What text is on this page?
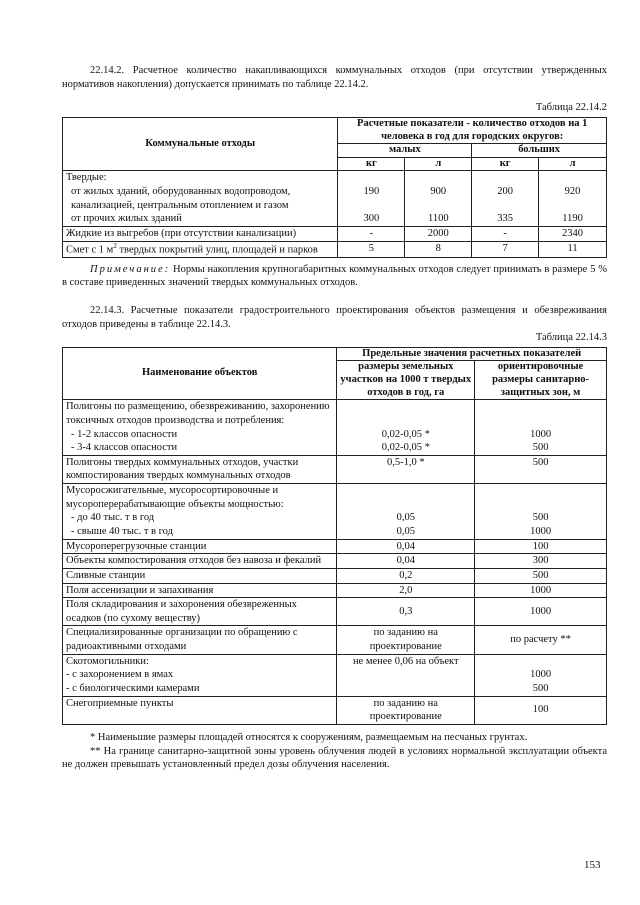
22.14.2. Расчетное количество накапливающихся коммунальных отходов (при отсутствии утвержденных нормативов накопления) допускается принимать по таблице 22.14.2.

Таблица 22.14.2
Коммунальные отходы	Расчетные показатели - количество отходов на 1 человека в год для городских округов:			
	малых		больших	
	кг	л	кг	л
Твердые:				
от жилых зданий, оборудованных водопроводом, канализацией, центральным отоплением и газом	190	900	200	920
от прочих жилых зданий	300	1100	335	1190
Жидкие из выгребов (при отсутствии канализации)	-	2000	-	2340
Смет с 1 $м^2$ твердых покрытий улиц, площадей и парков	5	8	7	11

Примечание: Нормы накопления крупногабаритных коммунальных отходов следует принимать в размере 5 % в составе приведенных значений твердых коммунальных отходов.

22.14.3. Расчетные показатели градостроительного проектирования объектов размещения и обезвреживания отходов приведены в таблице 22.14.3.

Таблица 22.14.3
Наименование объектов	Предельные значения расчетных показателей	
	размеры земельных участков на 1000 т твердых отходов в год, га	ориентировочные размеры санитарно-защитных зон, м
Полигоны по размещению, обезвреживанию, захоронению токсичных отходов производства и потребления:		
- 1-2 классов опасности	0,02-0,05 *	1000
- 3-4 классов опасности	0,02-0,05 *	500
Полигоны твердых коммунальных отходов, участки компостирования твердых коммунальных отходов	0,5-1,0 *	500
Мусоросжигательные, мусоросортировочные и мусороперерабатывающие объекты мощностью:		
- до 40 тыс. т в год	0,05	500
- свыше 40 тыс. т в год	0,05	1000
Мусороперегрузочные станции	0,04	100
Объекты компостирования отходов без навоза и фекалий	0,04	300
Сливные станции	0,2	500
Поля ассенизации и запахивания	2,0	1000
Поля складирования и захоронения обезвреженных осадков (по сухому веществу)	0,3	1000
Специализированные организации по обращению с радиоактивными отходами	по заданию на проектирование	по расчету **
Скотомогильники:	не менее 0,06 на объект	
- с захоронением в ямах		1000
- с биологическими камерами		500
Снегоприемные пункты	по заданию на проектирование	100

* Наименьшие размеры площадей относятся к сооружениям, размещаемым на песчаных грунтах.

** На границе санитарно-защитной зоны уровень облучения людей в условиях нормальной эксплуатации объекта не должен превышать установленный предел дозы облучения населения.

153
